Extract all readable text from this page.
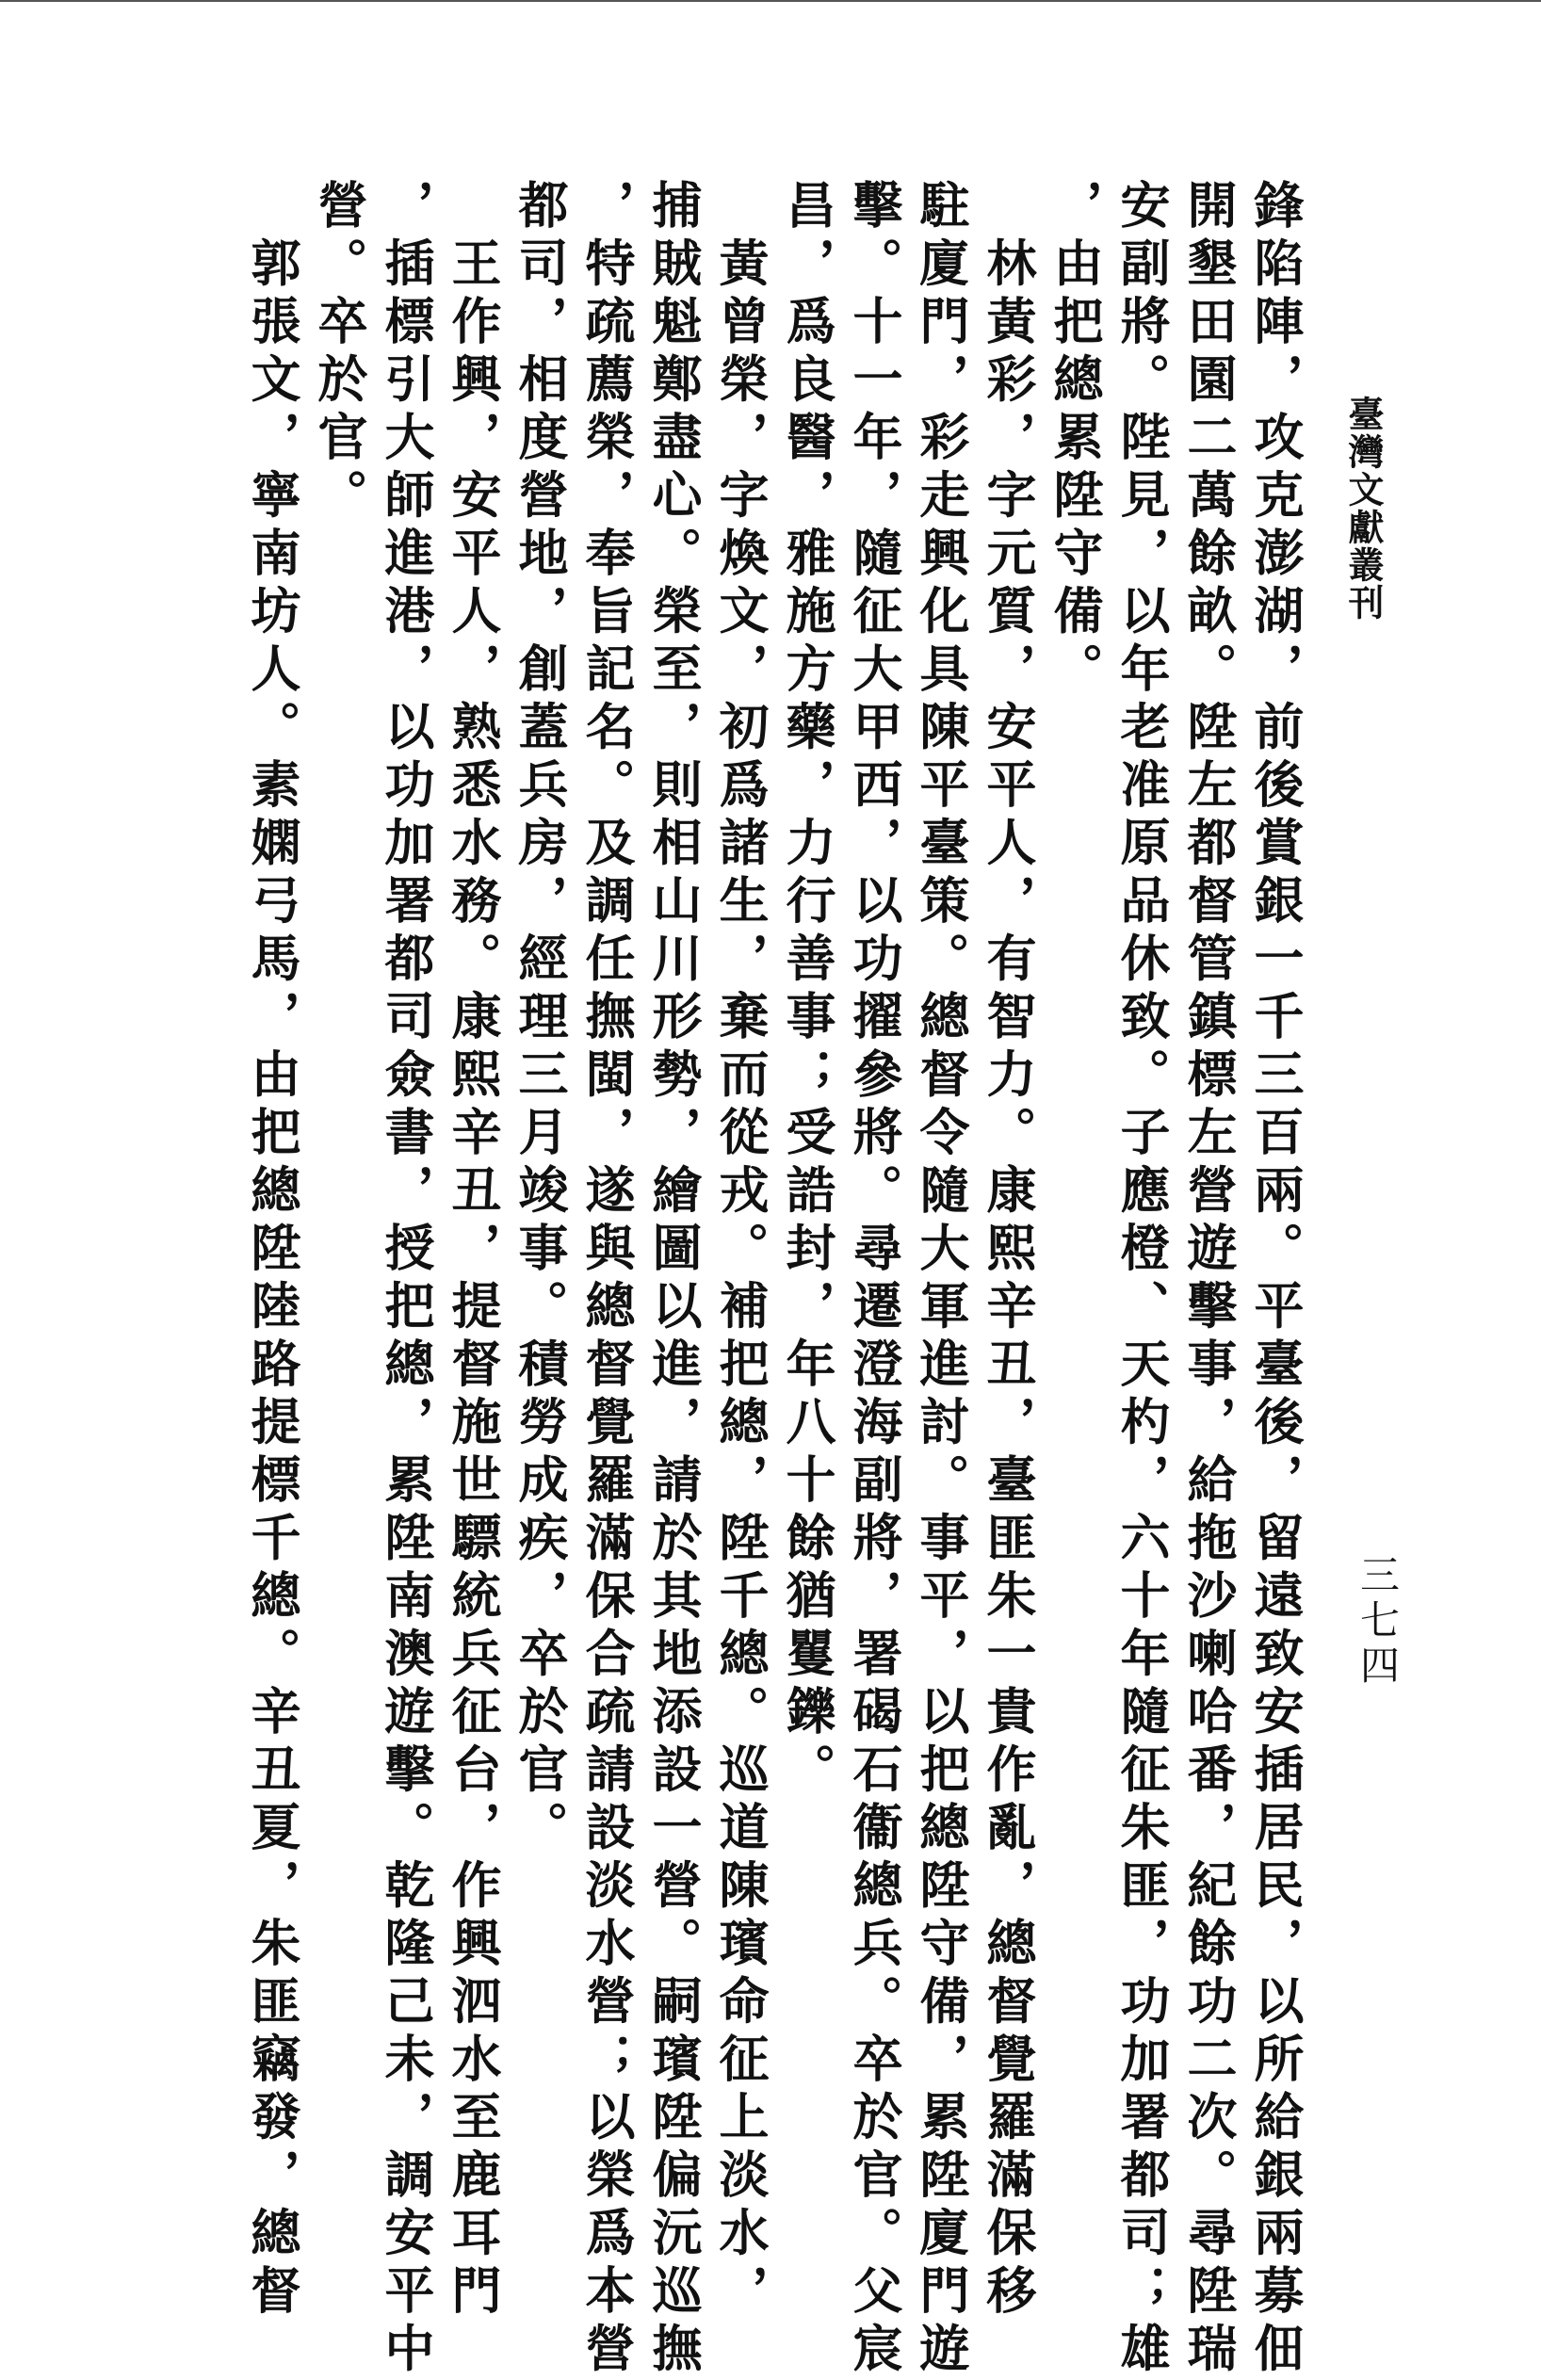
臺灣文獻叢刊
三七四
鋒陷陣，攻克澎湖，前後賞銀一千三百兩。平臺後，留遠致安插居民，以所給銀兩募佃
開墾田園二萬餘畝。陞左都督管鎮標左營遊擊事，給拖沙喇哈番，紀餘功二次。尋陞瑞
安副將。陛見，以年老准原品休致。子應橙、天杓，六十年隨征朱匪，功加署都司；雄
，由把總累陞守備。
　林黃彩，字元質，安平人，有智力。康熙辛丑，臺匪朱一貴作亂，總督覺羅滿保移
駐廈門，彩走興化具陳平臺策。總督令隨大軍進討。事平，以把總陞守備，累陞廈門遊
擊。十一年，隨征大甲西，以功擢參將。尋遷澄海副將，署碣石衞總兵。卒於官。父宸
昌，爲良醫，雅施方藥，力行善事；受誥封，年八十餘猶矍鑠。
　黃曾榮，字煥文，初爲諸生，棄而從戎。補把總，陞千總。巡道陳璸命征上淡水，
捕賊魁鄭盡心。榮至，則相山川形勢，繪圖以進，請於其地添設一營。嗣璸陞偏沅巡撫
，特疏薦榮，奉旨記名。及調任撫閩，遂與總督覺羅滿保合疏請設淡水營；以榮爲本營
都司，相度營地，創蓋兵房，經理三月竣事。積勞成疾，卒於官。
　王作興，安平人，熟悉水務。康熙辛丑，提督施世驃統兵征台，作興泗水至鹿耳門
，插標引大師進港，以功加署都司僉書，授把總，累陞南澳遊擊。乾隆己未，調安平中
營。卒於官。
　郭張文，寧南坊人。素嫻弓馬，由把總陞陸路提標千總。辛丑夏，朱匪竊發，總督
